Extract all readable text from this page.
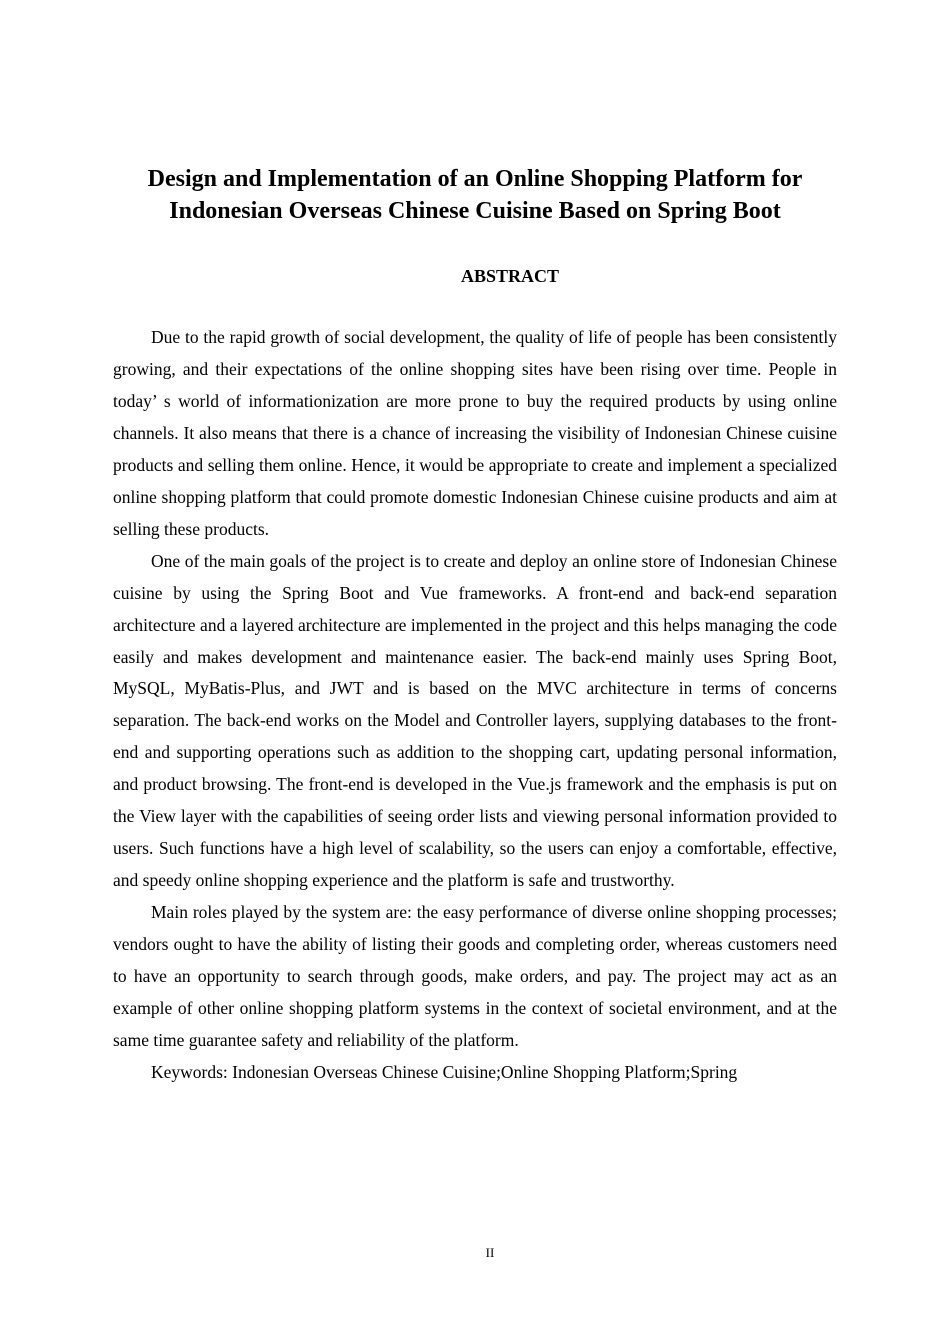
Design and Implementation of an Online Shopping Platform for
Indonesian Overseas Chinese Cuisine Based on Spring Boot
ABSTRACT

Due to the rapid growth of social development, the quality of life of people has been consistently growing, and their expectations of the online shopping sites have been rising over time. People in today’ s world of informationization are more prone to buy the required products by using online channels. It also means that there is a chance of increasing the visibility of Indonesian Chinese cuisine products and selling them online. Hence, it would be appropriate to create and implement a specialized online shopping platform that could promote domestic Indonesian Chinese cuisine products and aim at selling these products.

One of the main goals of the project is to create and deploy an online store of Indonesian Chinese cuisine by using the Spring Boot and Vue frameworks. A front-end and back-end separation architecture and a layered architecture are implemented in the project and this helps managing the code easily and makes development and maintenance easier. The back-end mainly uses Spring Boot, MySQL, MyBatis-Plus, and JWT and is based on the MVC architecture in terms of concerns separation. The back-end works on the Model and Controller layers, supplying databases to the front-end and supporting operations such as addition to the shopping cart, updating personal information, and product browsing. The front-end is developed in the Vue.js framework and the emphasis is put on the View layer with the capabilities of seeing order lists and viewing personal information provided to users. Such functions have a high level of scalability, so the users can enjoy a comfortable, effective, and speedy online shopping experience and the platform is safe and trustworthy.

Main roles played by the system are: the easy performance of diverse online shopping processes; vendors ought to have the ability of listing their goods and completing order, whereas customers need to have an opportunity to search through goods, make orders, and pay. The project may act as an example of other online shopping platform systems in the context of societal environment, and at the same time guarantee safety and reliability of the platform.

Keywords: Indonesian Overseas Chinese Cuisine;Online Shopping Platform;Spring

II
